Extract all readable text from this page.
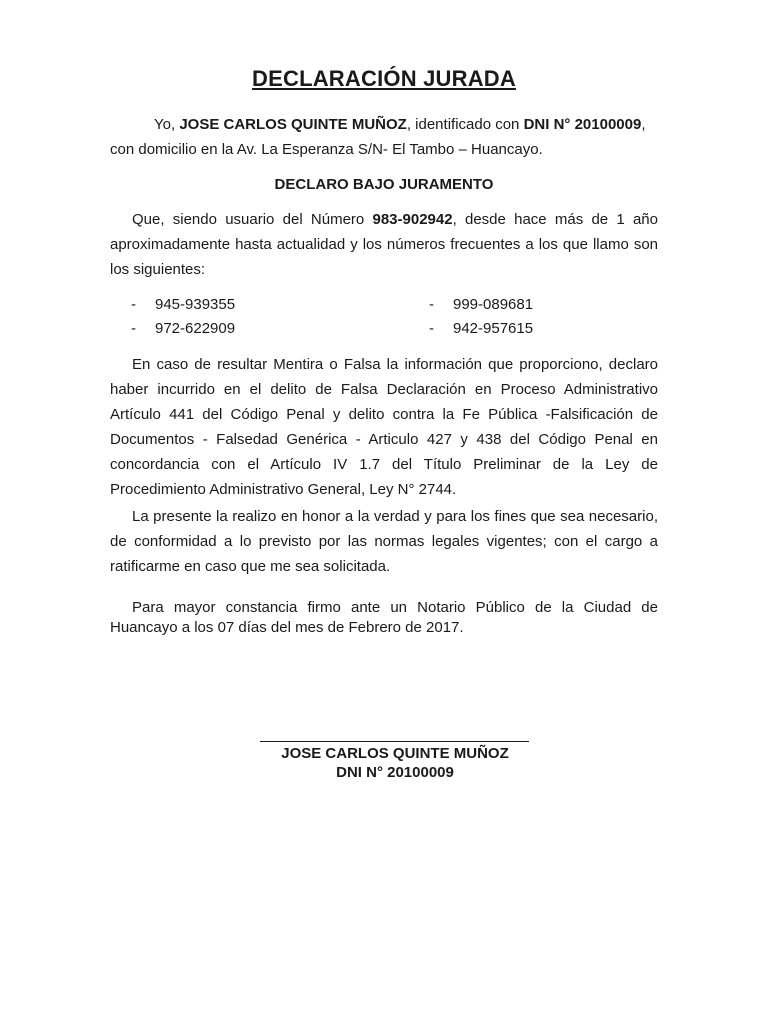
DECLARACIÓN JURADA
Yo, JOSE CARLOS QUINTE MUÑOZ, identificado con DNI N° 20100009,
con domicilio en la Av. La Esperanza S/N- El Tambo – Huancayo.
DECLARO BAJO JURAMENTO
Que, siendo usuario del Número 983-902942, desde hace más de 1 año aproximadamente hasta actualidad y los números frecuentes a los que llamo son los siguientes:
- 945-939355	- 999-089681
- 972-622909	- 942-957615
En caso de resultar Mentira o Falsa la información que proporciono, declaro haber incurrido en el delito de Falsa Declaración en Proceso Administrativo Artículo 441 del Código Penal y delito contra la Fe Pública -Falsificación de Documentos - Falsedad Genérica - Articulo 427 y 438 del Código Penal en concordancia con el Artículo IV 1.7 del Título Preliminar de la Ley de Procedimiento Administrativo General, Ley N° 2744.
La presente la realizo en honor a la verdad y para los fines que sea necesario, de conformidad a lo previsto por las normas legales vigentes; con el cargo a ratificarme en caso que me sea solicitada.
Para mayor constancia firmo ante un Notario Público de la Ciudad de Huancayo a los 07 días del mes de Febrero de 2017.
JOSE CARLOS QUINTE MUÑOZ
DNI N° 20100009
